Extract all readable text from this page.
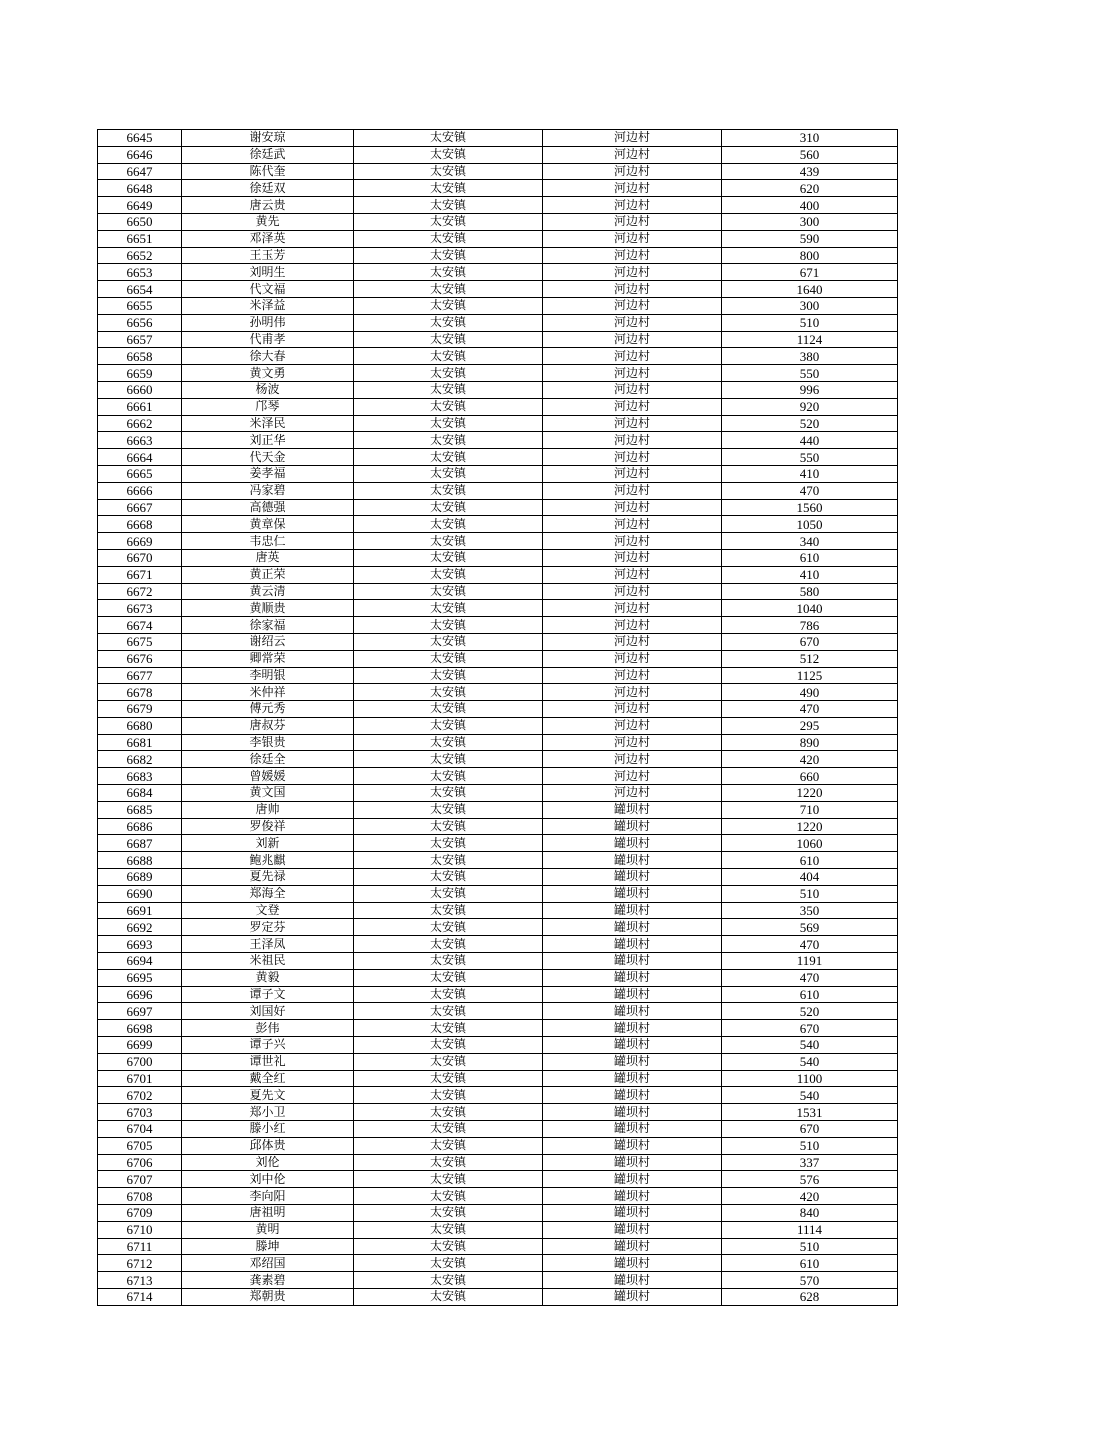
6645	谢安琼	太安镇	河边村	310
6646	徐廷武	太安镇	河边村	560
6647	陈代奎	太安镇	河边村	439
6648	徐廷双	太安镇	河边村	620
6649	唐云贵	太安镇	河边村	400
6650	黄先	太安镇	河边村	300
6651	邓泽英	太安镇	河边村	590
6652	王玉芳	太安镇	河边村	800
6653	刘明生	太安镇	河边村	671
6654	代文福	太安镇	河边村	1640
6655	米泽益	太安镇	河边村	300
6656	孙明伟	太安镇	河边村	510
6657	代甫孝	太安镇	河边村	1124
6658	徐大春	太安镇	河边村	380
6659	黄文勇	太安镇	河边村	550
6660	杨波	太安镇	河边村	996
6661	邝琴	太安镇	河边村	920
6662	米泽民	太安镇	河边村	520
6663	刘正华	太安镇	河边村	440
6664	代天金	太安镇	河边村	550
6665	姜孝福	太安镇	河边村	410
6666	冯家碧	太安镇	河边村	470
6667	高德强	太安镇	河边村	1560
6668	黄章保	太安镇	河边村	1050
6669	韦忠仁	太安镇	河边村	340
6670	唐英	太安镇	河边村	610
6671	黄正荣	太安镇	河边村	410
6672	黄云清	太安镇	河边村	580
6673	黄顺贵	太安镇	河边村	1040
6674	徐家福	太安镇	河边村	786
6675	谢绍云	太安镇	河边村	670
6676	卿常荣	太安镇	河边村	512
6677	李明银	太安镇	河边村	1125
6678	米仲祥	太安镇	河边村	490
6679	傅元秀	太安镇	河边村	470
6680	唐叔芬	太安镇	河边村	295
6681	李银贵	太安镇	河边村	890
6682	徐廷全	太安镇	河边村	420
6683	曾媛媛	太安镇	河边村	660
6684	黄文国	太安镇	河边村	1220
6685	唐帅	太安镇	罐坝村	710
6686	罗俊祥	太安镇	罐坝村	1220
6687	刘新	太安镇	罐坝村	1060
6688	鲍兆麒	太安镇	罐坝村	610
6689	夏先禄	太安镇	罐坝村	404
6690	郑海全	太安镇	罐坝村	510
6691	文登	太安镇	罐坝村	350
6692	罗定芬	太安镇	罐坝村	569
6693	王泽凤	太安镇	罐坝村	470
6694	米祖民	太安镇	罐坝村	1191
6695	黄毅	太安镇	罐坝村	470
6696	谭子文	太安镇	罐坝村	610
6697	刘国好	太安镇	罐坝村	520
6698	彭伟	太安镇	罐坝村	670
6699	谭子兴	太安镇	罐坝村	540
6700	谭世礼	太安镇	罐坝村	540
6701	戴全红	太安镇	罐坝村	1100
6702	夏先文	太安镇	罐坝村	540
6703	郑小卫	太安镇	罐坝村	1531
6704	滕小红	太安镇	罐坝村	670
6705	邱体贵	太安镇	罐坝村	510
6706	刘伦	太安镇	罐坝村	337
6707	刘中伦	太安镇	罐坝村	576
6708	李向阳	太安镇	罐坝村	420
6709	唐祖明	太安镇	罐坝村	840
6710	黄明	太安镇	罐坝村	1114
6711	滕坤	太安镇	罐坝村	510
6712	邓绍国	太安镇	罐坝村	610
6713	龚素碧	太安镇	罐坝村	570
6714	郑朝贵	太安镇	罐坝村	628
